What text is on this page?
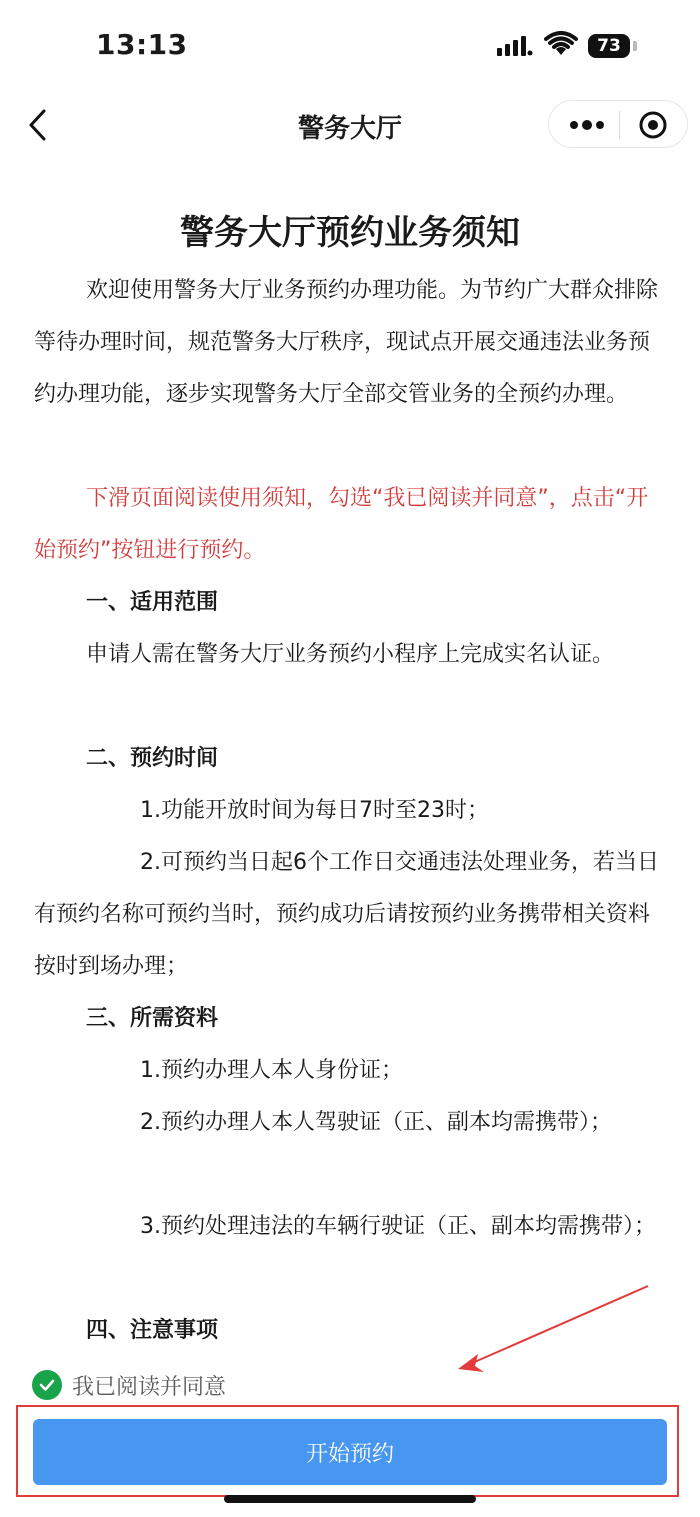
13:13	73
警务大厅
警务大厅预约业务须知

欢迎使用警务大厅业务预约办理功能。为节约广大群众排除等待办理时间，规范警务大厅秩序，现试点开展交通违法业务预约办理功能，逐步实现警务大厅全部交管业务的全预约办理。

下滑页面阅读使用须知，勾选“我已阅读并同意”，点击“开始预约”按钮进行预约。

一、适用范围

申请人需在警务大厅业务预约小程序上完成实名认证。

二、预约时间

1.功能开放时间为每日7时至23时；

2.可预约当日起6个工作日交通违法处理业务，若当日有预约名称可预约当时，预约成功后请按预约业务携带相关资料按时到场办理；

三、所需资料

1.预约办理人本人身份证；

2.预约办理人本人驾驶证（正、副本均需携带）；

3.预约处理违法的车辆行驶证（正、副本均需携带）；

四、注意事项

我已阅读并同意
开始预约
